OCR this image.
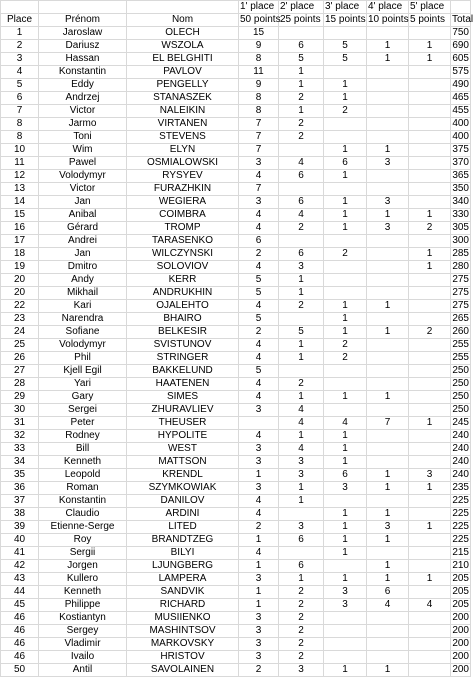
			1' place	2' place	3' place	4' place	5' place	
Place	Prénom	Nom	50 points	25 points	15 points	10 points	5 points	Total
1	Jaroslaw	OLECH	15					750
2	Dariusz	WSZOLA	9	6	5	1	1	690
3	Hassan	EL BELGHITI	8	5	5	1	1	605
4	Konstantin	PAVLOV	11	1				575
5	Eddy	PENGELLY	9	1	1			490
6	Andrzej	STANASZEK	8	2	1			465
7	Victor	NALEIKIN	8	1	2			455
8	Jarmo	VIRTANEN	7	2				400
8	Toni	STEVENS	7	2				400
10	Wim	ELYN	7		1	1		375
11	Pawel	OSMIALOWSKI	3	4	6	3		370
12	Volodymyr	RYSYEV	4	6	1			365
13	Victor	FURAZHKIN	7					350
14	Jan	WEGIERA	3	6	1	3		340
15	Anibal	COIMBRA	4	4	1	1	1	330
16	Gérard	TROMP	4	2	1	3	2	305
17	Andrei	TARASENKO	6					300
18	Jan	WILCZYNSKI	2	6	2		1	285
19	Dmitro	SOLOVIOV	4	3			1	280
20	Andy	KERR	5	1				275
20	Mikhail	ANDRUKHIN	5	1				275
22	Kari	OJALEHTO	4	2	1	1		275
23	Narendra	BHAIRO	5		1			265
24	Sofiane	BELKESIR	2	5	1	1	2	260
25	Volodymyr	SVISTUNOV	4	1	2			255
26	Phil	STRINGER	4	1	2			255
27	Kjell Egil	BAKKELUND	5					250
28	Yari	HAATENEN	4	2				250
29	Gary	SIMES	4	1	1	1		250
30	Sergei	ZHURAVLIEV	3	4				250
31	Peter	THEUSER		4	4	7	1	245
32	Rodney	HYPOLITE	4	1	1			240
33	Bill	WEST	3	4	1			240
34	Kenneth	MATTSON	3	3	1			240
35	Leopold	KRENDL	1	3	6	1	3	240
36	Roman	SZYMKOWIAK	3	1	3	1	1	235
37	Konstantin	DANILOV	4	1				225
38	Claudio	ARDINI	4		1	1		225
39	Etienne-Serge	LITED	2	3	1	3	1	225
40	Roy	BRANDTZEG	1	6	1	1		225
41	Sergii	BILYI	4		1			215
42	Jorgen	LJUNGBERG	1	6		1		210
43	Kullero	LAMPERA	3	1	1	1	1	205
44	Kenneth	SANDVIK	1	2	3	6		205
45	Philippe	RICHARD	1	2	3	4	4	205
46	Kostiantyn	MUSIIENKO	3	2				200
46	Sergey	MASHINTSOV	3	2				200
46	Vladimir	MARKOVSKY	3	2				200
46	Ivailo	HRISTOV	3	2				200
50	Antil	SAVOLAINEN	2	3	1	1		200
